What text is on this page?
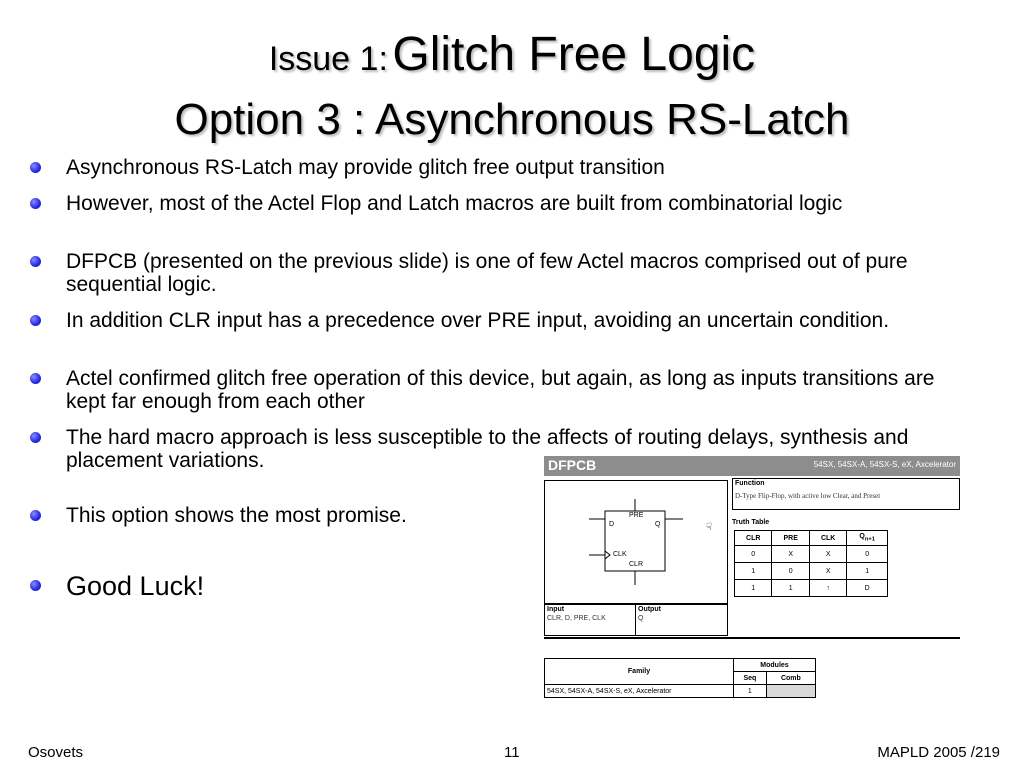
Issue 1: Glitch Free Logic
Option 3 : Asynchronous RS-Latch
Asynchronous RS-Latch may provide glitch free output transition
However, most of the Actel Flop and Latch macros are built from combinatorial logic
DFPCB (presented on the previous slide) is one of few Actel macros comprised out of pure sequential logic.
In addition CLR input has a precedence over PRE input, avoiding an uncertain condition.
Actel confirmed glitch free operation of this device, but again, as long as inputs transitions are kept far enough from each other
The hard macro approach is less susceptible to the affects of routing delays, synthesis and placement variations.
This option shows the most promise.
Good Luck!
DFPCB	54SX, 54SX-A, 54SX-S, eX, Axcelerator
PRE
D	Q
CLK
CLR
Function
D-Type Flip-Flop, with active low Clear, and Preset
☟	Truth Table
CLR	PRE	CLK	$Q_{n+1}$
0	X	X	0
1	0	X	1
1	1	↑	D
Input
CLR, D, PRE, CLK
Output
Q
Family	Modules	
	Seq	Comb
54SX, 54SX-A, 54SX-S, eX, Axcelerator	1	
Osovets	11	MAPLD 2005 /219
